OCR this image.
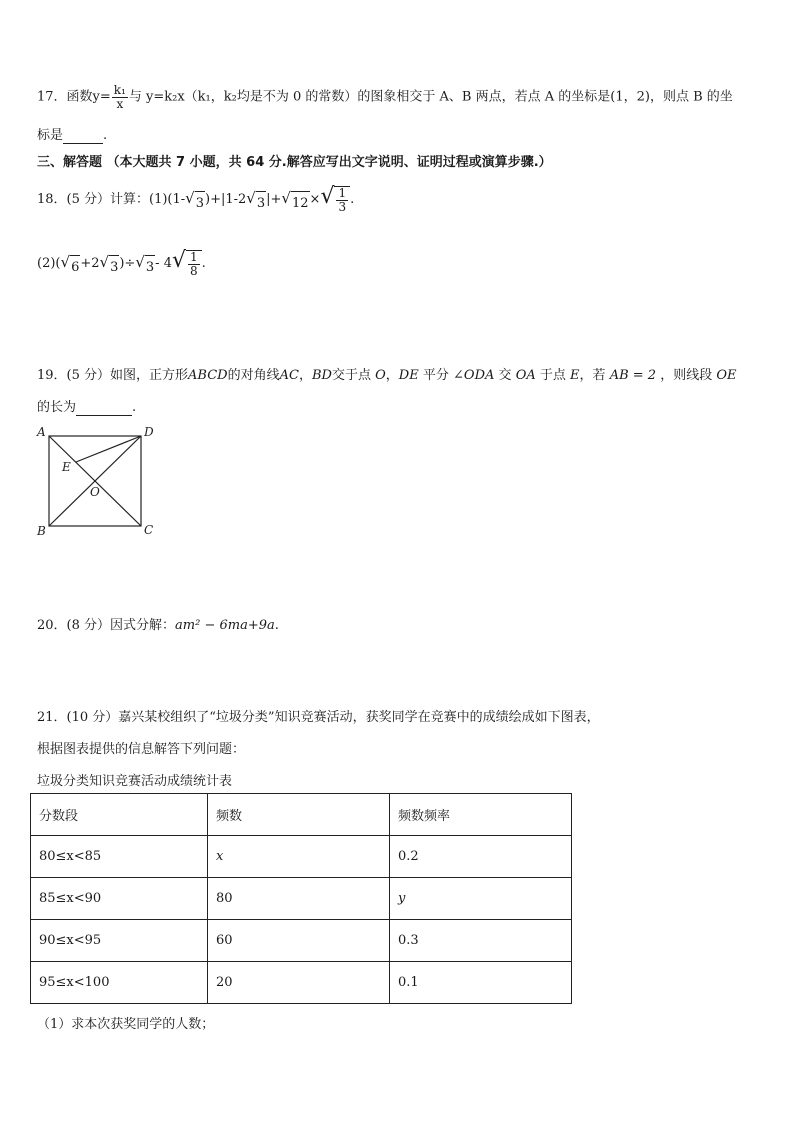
17．函数$y= \frac{\text{k₁}}{x}$ 与 y=k₂x（k₁，k₂均是不为 0 的常数）的图象相交于 A、B 两点，若点 A 的坐标是(1，2)，则点 B 的坐
标是	.
三、解答题 （本大题共 7 小题，共 64 分.解答应写出文字说明、证明过程或演算步骤.）
18．(5 分）计算：(1)(1- √ 3 )+|1-2 √ 3 |+ √ 12 × √ $\frac{1}{3}$ .
(2)( √ 6 +2 √ 3 )÷ √ 3 - 4 √ $\frac{1}{8}$ .
19．(5 分）如图，正方形ABCD的对角线AC，BD交于点 O，DE 平分 ∠ODA 交 OA 于点 E，若 AB = 2 ，则线段 OE
的长为	.
A	D
E
O
B	C
20．(8 分）因式分解：am² − 6ma+9a.
21．(10 分）嘉兴某校组织了“垃圾分类”知识竞赛活动，获奖同学在竞赛中的成绩绘成如下图表，
根据图表提供的信息解答下列问题：
垃圾分类知识竞赛活动成绩统计表
分数段	频数	频数频率
80≤x<85	x	0.2
85≤x<90	80	y
90≤x<95	60	0.3
95≤x<100	20	0.1
（1）求本次获奖同学的人数；
